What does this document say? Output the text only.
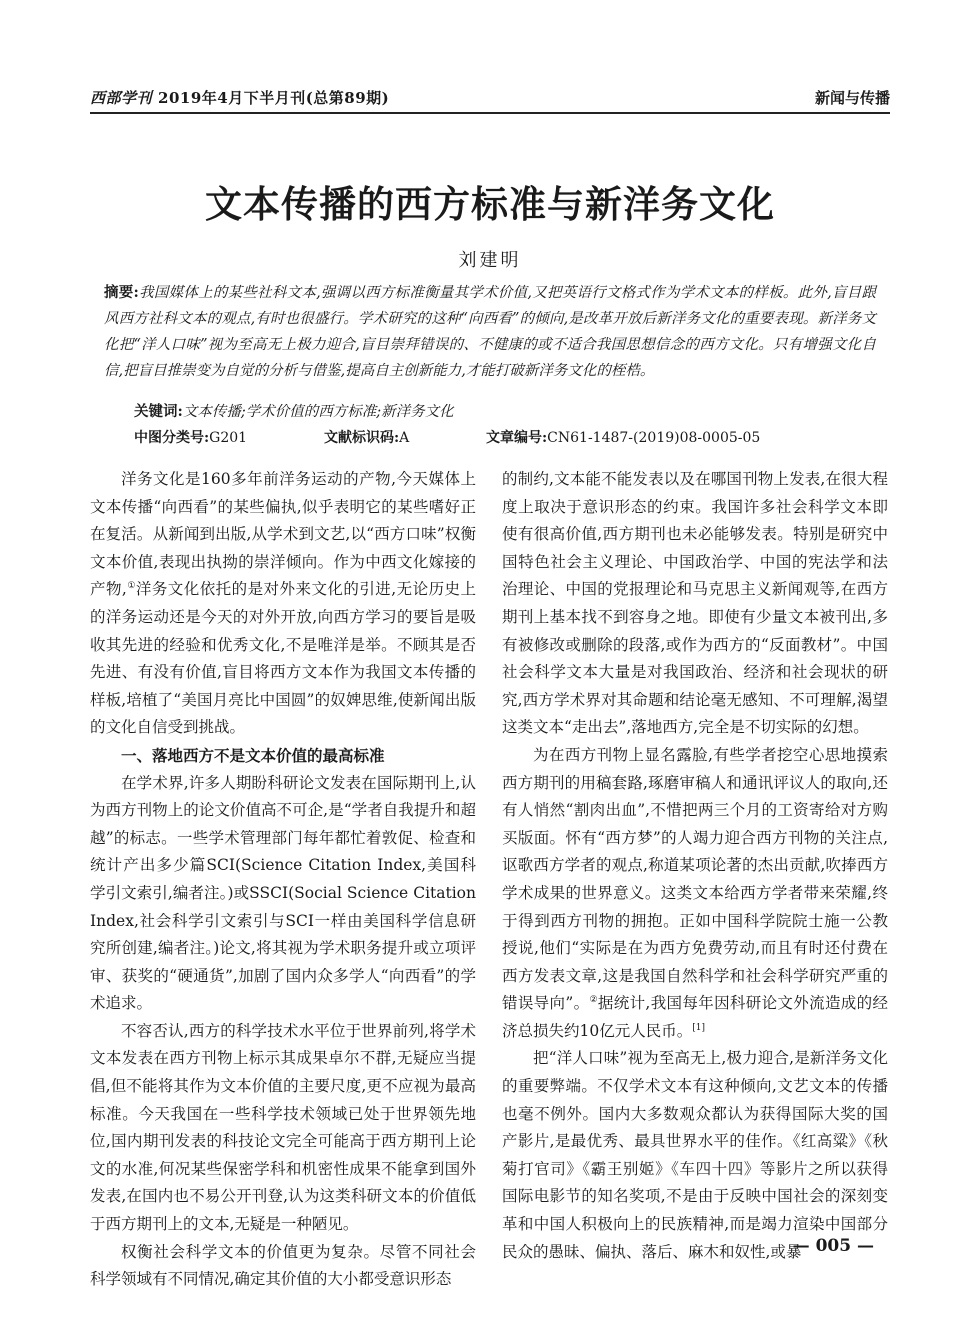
西部学刊 2019年4月下半月刊(总第89期)	新闻与传播
文本传播的西方标准与新洋务文化
刘建明
摘要:我国媒体上的某些社科文本,强调以西方标准衡量其学术价值,又把英语行文格式作为学术文本的样板。此外,盲目跟风西方社科文本的观点,有时也很盛行。学术研究的这种“向西看”的倾向,是改革开放后新洋务文化的重要表现。新洋务文化把“洋人口味”视为至高无上极力迎合,盲目崇拜错误的、不健康的或不适合我国思想信念的西方文化。只有增强文化自信,把盲目推崇变为自觉的分析与借鉴,提高自主创新能力,才能打破新洋务文化的桎梏。
关键词:文本传播;学术价值的西方标准;新洋务文化
中图分类号:G201	文献标识码:A	文章编号:CN61-1487-(2019)08-0005-05

洋务文化是160多年前洋务运动的产物,今天媒体上文本传播“向西看”的某些偏执,似乎表明它的某些嗜好正在复活。从新闻到出版,从学术到文艺,以“西方口味”权衡文本价值,表现出执拗的崇洋倾向。作为中西文化嫁接的产物,①洋务文化依托的是对外来文化的引进,无论历史上的洋务运动还是今天的对外开放,向西方学习的要旨是吸收其先进的经验和优秀文化,不是唯洋是举。不顾其是否先进、有没有价值,盲目将西方文本作为我国文本传播的样板,培植了“美国月亮比中国圆”的奴婢思维,使新闻出版的文化自信受到挑战。

一、落地西方不是文本价值的最高标准

在学术界,许多人期盼科研论文发表在国际期刊上,认为西方刊物上的论文价值高不可企,是“学者自我提升和超越”的标志。一些学术管理部门每年都忙着敦促、检查和统计产出多少篇SCI(Science Citation Index,美国科学引文索引,编者注。)或SSCI(Social Science Citation Index,社会科学引文索引与SCI一样由美国科学信息研究所创建,编者注。)论文,将其视为学术职务提升或立项评审、获奖的“硬通货”,加剧了国内众多学人“向西看”的学术追求。

不容否认,西方的科学技术水平位于世界前列,将学术文本发表在西方刊物上标示其成果卓尔不群,无疑应当提倡,但不能将其作为文本价值的主要尺度,更不应视为最高标准。今天我国在一些科学技术领域已处于世界领先地位,国内期刊发表的科技论文完全可能高于西方期刊上论文的水准,何况某些保密学科和机密性成果不能拿到国外发表,在国内也不易公开刊登,认为这类科研文本的价值低于西方期刊上的文本,无疑是一种陋见。

权衡社会科学文本的价值更为复杂。尽管不同社会科学领域有不同情况,确定其价值的大小都受意识形态

的制约,文本能不能发表以及在哪国刊物上发表,在很大程度上取决于意识形态的约束。我国许多社会科学文本即使有很高价值,西方期刊也未必能够发表。特别是研究中国特色社会主义理论、中国政治学、中国的宪法学和法治理论、中国的党报理论和马克思主义新闻观等,在西方期刊上基本找不到容身之地。即使有少量文本被刊出,多有被修改或删除的段落,或作为西方的“反面教材”。中国社会科学文本大量是对我国政治、经济和社会现状的研究,西方学术界对其命题和结论毫无感知、不可理解,渴望这类文本“走出去”,落地西方,完全是不切实际的幻想。

为在西方刊物上显名露脸,有些学者挖空心思地摸索西方期刊的用稿套路,琢磨审稿人和通讯评议人的取向,还有人悄然“割肉出血”,不惜把两三个月的工资寄给对方购买版面。怀有“西方梦”的人竭力迎合西方刊物的关注点,讴歌西方学者的观点,称道某项论著的杰出贡献,吹捧西方学术成果的世界意义。这类文本给西方学者带来荣耀,终于得到西方刊物的拥抱。正如中国科学院院士施一公教授说,他们“实际是在为西方免费劳动,而且有时还付费在西方发表文章,这是我国自然科学和社会科学研究严重的错误导向”。②据统计,我国每年因科研论文外流造成的经济总损失约10亿元人民币。[1]

把“洋人口味”视为至高无上,极力迎合,是新洋务文化的重要弊端。不仅学术文本有这种倾向,文艺文本的传播也毫不例外。国内大多数观众都认为获得国际大奖的国产影片,是最优秀、最具世界水平的佳作。《红高粱》《秋菊打官司》《霸王别姬》《车四十四》等影片之所以获得国际电影节的知名奖项,不是由于反映中国社会的深刻变革和中国人积极向上的民族精神,而是竭力渲染中国部分民众的愚昧、偏执、落后、麻木和奴性,或暴

— 005 —
